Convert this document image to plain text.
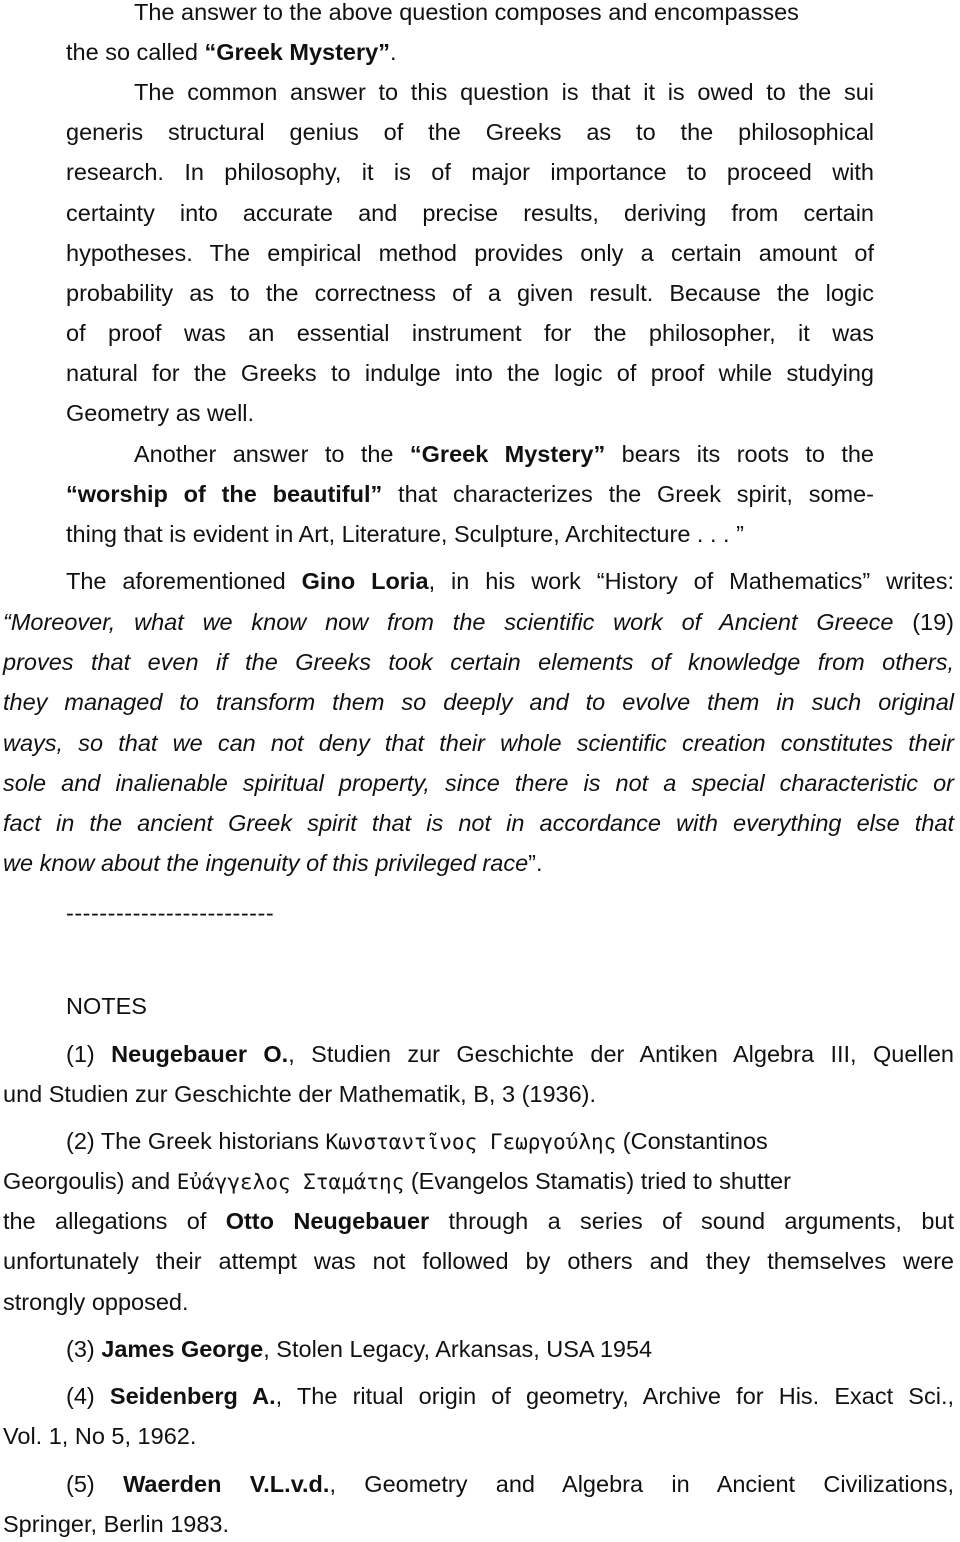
The answer to the above question composes and encompasses
the so called “Greek Mystery”.
The common answer to this question is that it is owed to the sui
generis structural genius of the Greeks as to the philosophical
research. In philosophy, it is of major importance to proceed with
certainty into accurate and precise results, deriving from certain
hypotheses. The empirical method provides only a certain amount of
probability as to the correctness of a given result. Because the logic
of proof was an essential instrument for the philosopher, it was
natural for the Greeks to indulge into the logic of proof while studying
Geometry as well.
Another answer to the “Greek Mystery” bears its roots to the
“worship of the beautiful” that characterizes the Greek spirit, some-
thing that is evident in Art, Literature, Sculpture, Architecture . . . ”
The aforementioned Gino Loria, in his work “History of Mathematics” writes:
“Moreover, what we know now from the scientific work of Ancient Greece (19)
proves that even if the Greeks took certain elements of knowledge from others,
they managed to transform them so deeply and to evolve them in such original
ways, so that we can not deny that their whole scientific creation constitutes their
sole and inalienable spiritual property, since there is not a special characteristic or
fact in the ancient Greek spirit that is not in accordance with everything else that
we know about the ingenuity of this privileged race”.
-------------------------
NOTES
(1) Neugebauer O., Studien zur Geschichte der Antiken Algebra III, Quellen
und Studien zur Geschichte der Mathematik, B, 3 (1936).
(2) The Greek historians Κωνσταντῖνος Γεωργούλης (Constantinos
Georgoulis) and Εὐάγγελος Σταμάτης (Evangelos Stamatis) tried to shutter
the allegations of Otto Neugebauer through a series of sound arguments, but
unfortunately their attempt was not followed by others and they themselves were
strongly opposed.
(3) James George, Stolen Legacy, Arkansas, USA 1954
(4) Seidenberg A., The ritual origin of geometry, Archive for His. Exact Sci.,
Vol. 1, No 5, 1962.
(5) Waerden V.L.v.d., Geometry and Algebra in Ancient Civilizations,
Springer, Berlin 1983.
